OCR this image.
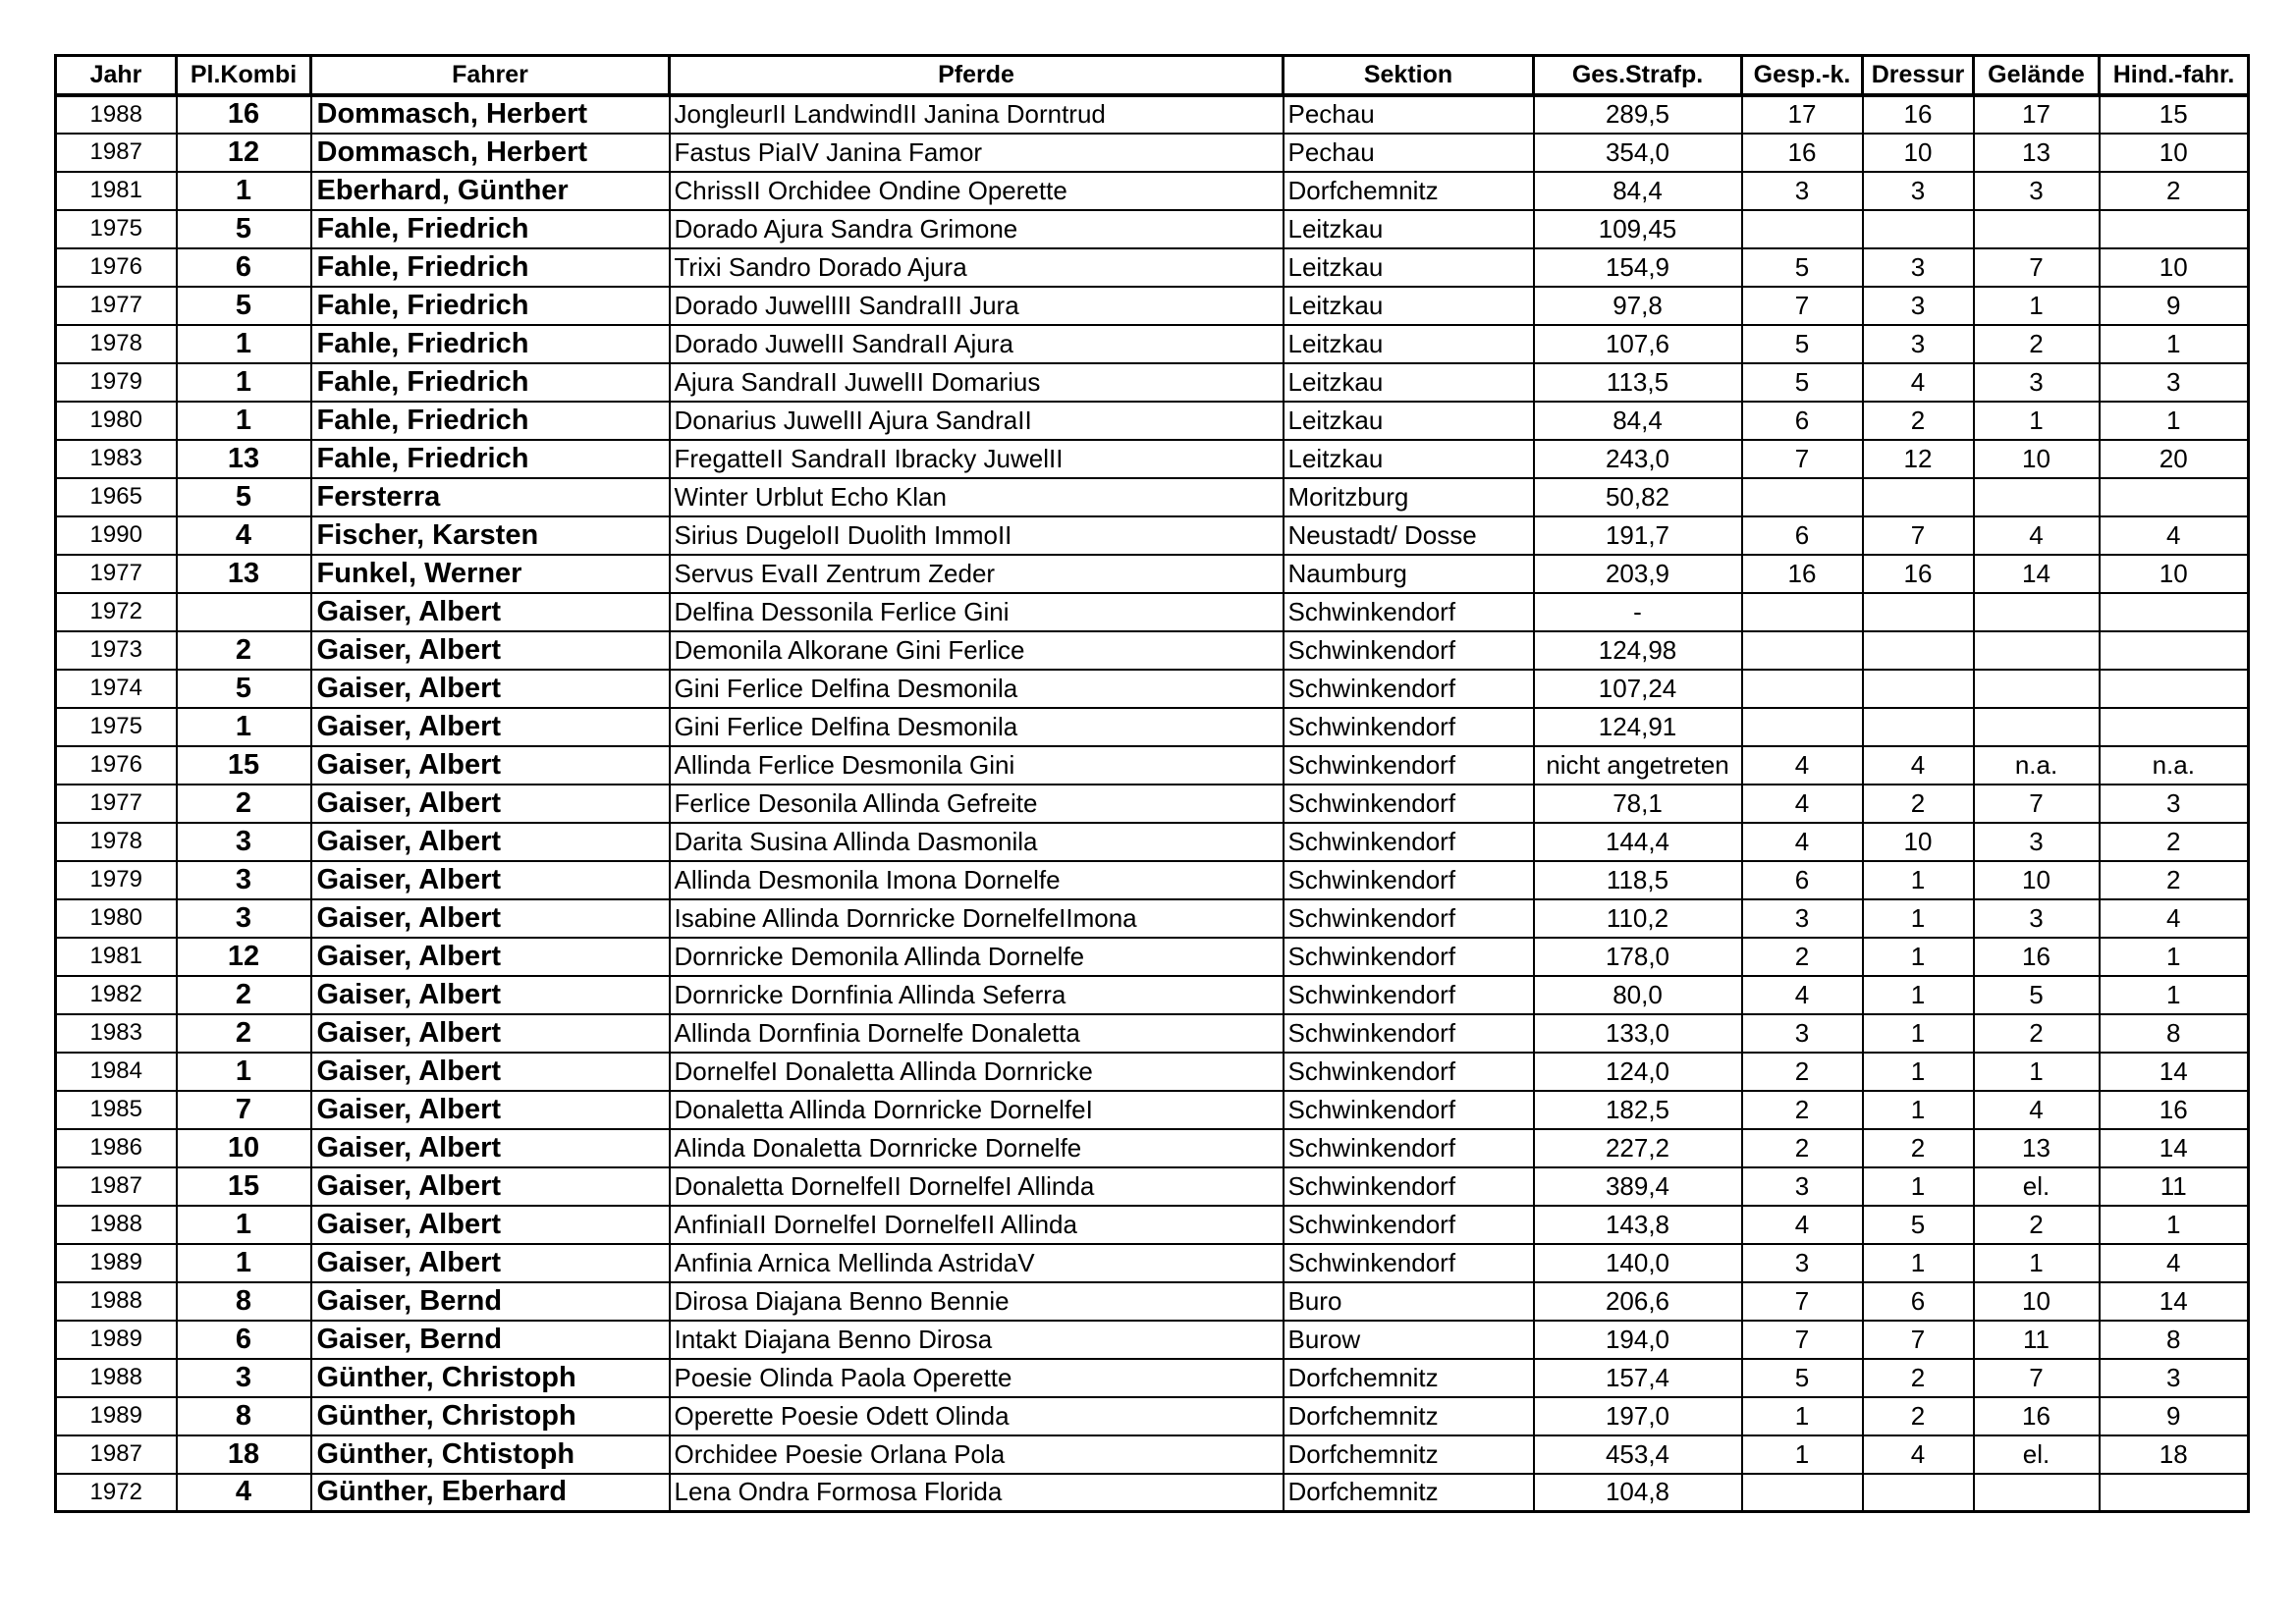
Jahr	Pl.Kombi	Fahrer	Pferde	Sektion	Ges.Strafp.	Gesp.-k.	Dressur	Gelände	Hind.-fahr.
1988	16	Dommasch, Herbert	JongleurII LandwindII Janina Dorntrud	Pechau	289,5	17	16	17	15
1987	12	Dommasch, Herbert	Fastus PiaIV Janina Famor	Pechau	354,0	16	10	13	10
1981	1	Eberhard, Günther	ChrissII Orchidee Ondine Operette	Dorfchemnitz	84,4	3	3	3	2
1975	5	Fahle, Friedrich	Dorado Ajura Sandra Grimone	Leitzkau	109,45				
1976	6	Fahle, Friedrich	Trixi Sandro Dorado Ajura	Leitzkau	154,9	5	3	7	10
1977	5	Fahle, Friedrich	Dorado JuwelIII SandraIII Jura	Leitzkau	97,8	7	3	1	9
1978	1	Fahle, Friedrich	Dorado JuwelII SandraII Ajura	Leitzkau	107,6	5	3	2	1
1979	1	Fahle, Friedrich	Ajura SandraII JuwelII Domarius	Leitzkau	113,5	5	4	3	3
1980	1	Fahle, Friedrich	Donarius JuwelII Ajura SandraII	Leitzkau	84,4	6	2	1	1
1983	13	Fahle, Friedrich	FregatteII SandraII Ibracky JuwelII	Leitzkau	243,0	7	12	10	20
1965	5	Fersterra	Winter Urblut Echo Klan	Moritzburg	50,82				
1990	4	Fischer, Karsten	Sirius DugeloII Duolith ImmoII	Neustadt/ Dosse	191,7	6	7	4	4
1977	13	Funkel, Werner	Servus EvaII Zentrum Zeder	Naumburg	203,9	16	16	14	10
1972		Gaiser, Albert	Delfina Dessonila Ferlice Gini	Schwinkendorf	-				
1973	2	Gaiser, Albert	Demonila Alkorane Gini Ferlice	Schwinkendorf	124,98				
1974	5	Gaiser, Albert	Gini Ferlice Delfina Desmonila	Schwinkendorf	107,24				
1975	1	Gaiser, Albert	Gini Ferlice Delfina Desmonila	Schwinkendorf	124,91				
1976	15	Gaiser, Albert	Allinda Ferlice Desmonila Gini	Schwinkendorf	nicht angetreten	4	4	n.a.	n.a.
1977	2	Gaiser, Albert	Ferlice Desonila Allinda Gefreite	Schwinkendorf	78,1	4	2	7	3
1978	3	Gaiser, Albert	Darita Susina Allinda Dasmonila	Schwinkendorf	144,4	4	10	3	2
1979	3	Gaiser, Albert	Allinda Desmonila Imona Dornelfe	Schwinkendorf	118,5	6	1	10	2
1980	3	Gaiser, Albert	Isabine Allinda Dornricke DornelfeIImona	Schwinkendorf	110,2	3	1	3	4
1981	12	Gaiser, Albert	Dornricke Demonila Allinda Dornelfe	Schwinkendorf	178,0	2	1	16	1
1982	2	Gaiser, Albert	Dornricke Dornfinia Allinda Seferra	Schwinkendorf	80,0	4	1	5	1
1983	2	Gaiser, Albert	Allinda Dornfinia Dornelfe Donaletta	Schwinkendorf	133,0	3	1	2	8
1984	1	Gaiser, Albert	DornelfeI Donaletta Allinda Dornricke	Schwinkendorf	124,0	2	1	1	14
1985	7	Gaiser, Albert	Donaletta Allinda Dornricke DornelfeI	Schwinkendorf	182,5	2	1	4	16
1986	10	Gaiser, Albert	Alinda Donaletta Dornricke Dornelfe	Schwinkendorf	227,2	2	2	13	14
1987	15	Gaiser, Albert	Donaletta DornelfeII DornelfeI Allinda	Schwinkendorf	389,4	3	1	el.	11
1988	1	Gaiser, Albert	AnfiniaII DornelfeI DornelfeII Allinda	Schwinkendorf	143,8	4	5	2	1
1989	1	Gaiser, Albert	Anfinia Arnica Mellinda AstridaV	Schwinkendorf	140,0	3	1	1	4
1988	8	Gaiser, Bernd	Dirosa Diajana Benno Bennie	Buro	206,6	7	6	10	14
1989	6	Gaiser, Bernd	Intakt Diajana Benno Dirosa	Burow	194,0	7	7	11	8
1988	3	Günther, Christoph	Poesie Olinda Paola Operette	Dorfchemnitz	157,4	5	2	7	3
1989	8	Günther, Christoph	Operette Poesie Odett Olinda	Dorfchemnitz	197,0	1	2	16	9
1987	18	Günther, Chtistoph	Orchidee Poesie Orlana Pola	Dorfchemnitz	453,4	1	4	el.	18
1972	4	Günther, Eberhard	Lena Ondra Formosa Florida	Dorfchemnitz	104,8				
